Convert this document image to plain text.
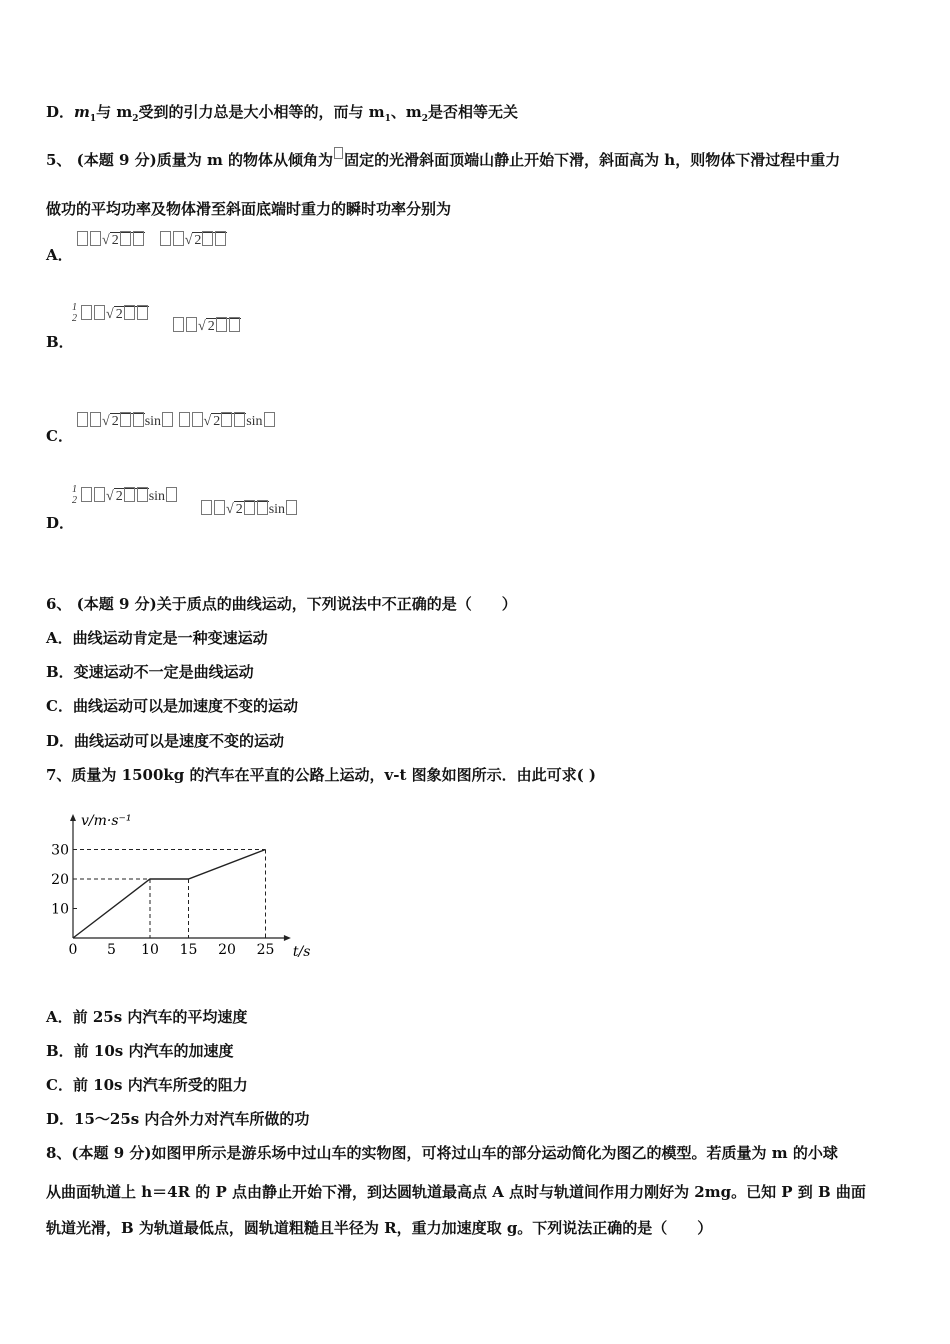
D．$m_1$与 $m_2$受到的引力总是大小相等的，而与 $m_1$、$m_2$是否相等无关
5、 (本题 9 分)质量为 m 的物体从倾角为 固定的光滑斜面顶端山静止开始下滑，斜面高为 h，则物体下滑过程中重力
做功的平均功率及物体滑至斜面底端时重力的瞬时功率分别为
A．
√ 2	√ 2
B．
1
2 √ 2
√ 2
C．
√ 2 sin	√ 2 sin
D．
1
2 √ 2 sin
√ 2 sin
6、 (本题 9 分)关于质点的曲线运动，下列说法中不正确的是（　　）
A．曲线运动肯定是一种变速运动
B．变速运动不一定是曲线运动
C．曲线运动可以是加速度不变的运动
D．曲线运动可以是速度不变的运动
7、质量为 1500kg 的汽车在平直的公路上运动，v-t 图象如图所示．由此可求( )
v/m·s⁻¹
t/s
0 5 10 15 20 25
10
20
30
A．前 25s 内汽车的平均速度
B．前 10s 内汽车的加速度
C．前 10s 内汽车所受的阻力
D．15～25s 内合外力对汽车所做的功
8、(本题 9 分)如图甲所示是游乐场中过山车的实物图，可将过山车的部分运动简化为图乙的模型。若质量为 m 的小球
从曲面轨道上 h＝4R 的 P 点由静止开始下滑，到达圆轨道最高点 A 点时与轨道间作用力刚好为 2mg。已知 P 到 B 曲面
轨道光滑，B 为轨道最低点，圆轨道粗糙且半径为 R，重力加速度取 g。下列说法正确的是（　　）
